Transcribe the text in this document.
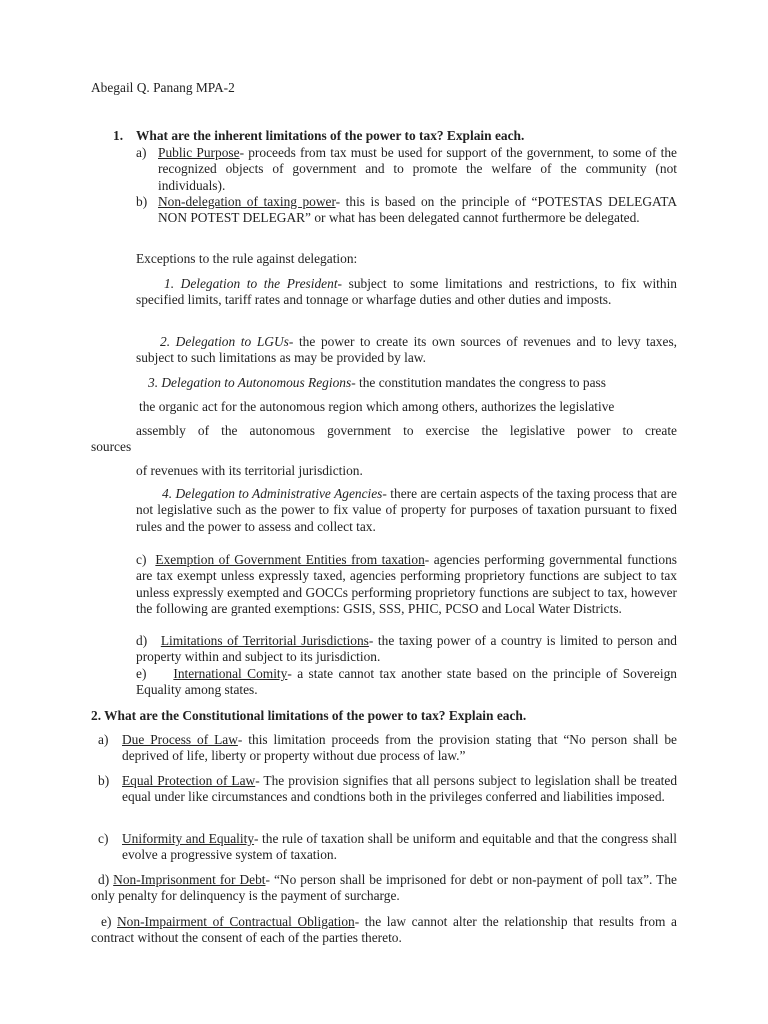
Abegail Q. Panang MPA-2
1. What are the inherent limitations of the power to tax? Explain each.
a) Public Purpose- proceeds from tax must be used for support of the government, to some of the recognized objects of government and to promote the welfare of the community (not individuals).
b) Non-delegation of taxing power- this is based on the principle of “POTESTAS DELEGATA NON POTEST DELEGAR” or what has been delegated cannot furthermore be delegated.
Exceptions to the rule against delegation:
1. Delegation to the President- subject to some limitations and restrictions, to fix within specified limits, tariff rates and tonnage or wharfage duties and other duties and imposts.
2. Delegation to LGUs- the power to create its own sources of revenues and to levy taxes, subject to such limitations as may be provided by law.
3. Delegation to Autonomous Regions- the constitution mandates the congress to pass
the organic act for the autonomous region which among others, authorizes the legislative
assembly of the autonomous government to exercise the legislative power to create
sources
of revenues with its territorial jurisdiction.
4. Delegation to Administrative Agencies- there are certain aspects of the taxing process that are not legislative such as the power to fix value of property for purposes of taxation pursuant to fixed rules and the power to assess and collect tax.
c) Exemption of Government Entities from taxation- agencies performing governmental functions are tax exempt unless expressly taxed, agencies performing proprietory functions are subject to tax unless expressly exempted and GOCCs performing proprietory functions are subject to tax, however the following are granted exemptions: GSIS, SSS, PHIC, PCSO and Local Water Districts.
d) Limitations of Territorial Jurisdictions- the taxing power of a country is limited to person and property within and subject to its jurisdiction.
e) International Comity- a state cannot tax another state based on the principle of Sovereign Equality among states.
2. What are the Constitutional limitations of the power to tax? Explain each.
a) Due Process of Law- this limitation proceeds from the provision stating that “No person shall be deprived of life, liberty or property without due process of law.”
b) Equal Protection of Law- The provision signifies that all persons subject to legislation shall be treated equal under like circumstances and condtions both in the privileges conferred and liabilities imposed.
c) Uniformity and Equality- the rule of taxation shall be uniform and equitable and that the congress shall evolve a progressive system of taxation.
d) Non-Imprisonment for Debt- “No person shall be imprisoned for debt or non-payment of poll tax”. The only penalty for delinquency is the payment of surcharge.
e) Non-Impairment of Contractual Obligation- the law cannot alter the relationship that results from a contract without the consent of each of the parties thereto.
